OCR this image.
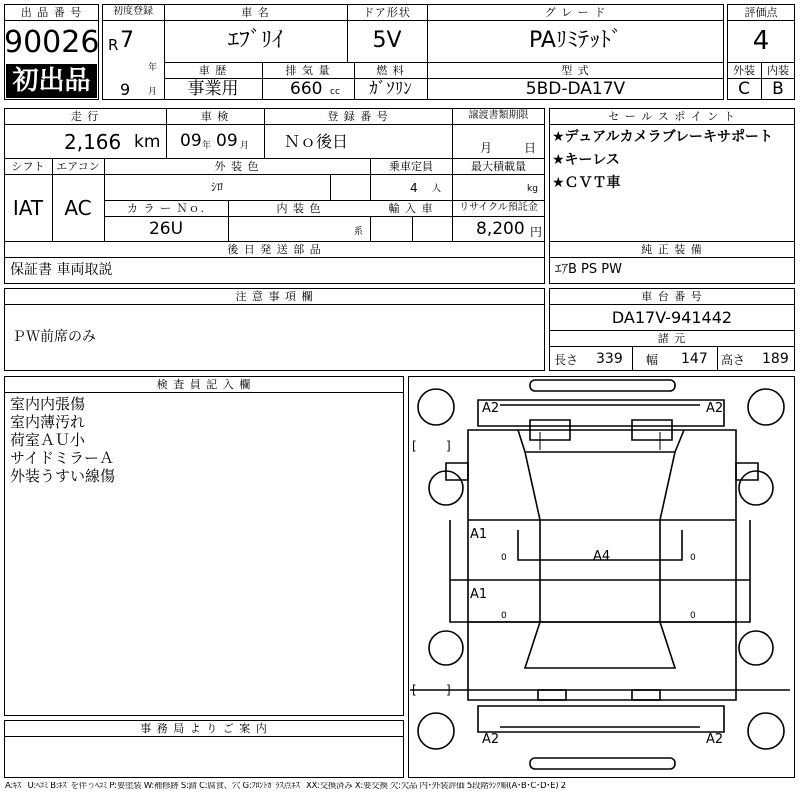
出 品 番 号
90026
初出品
初度登録
R 7
年
9 月
車 名
ｴﾌﾞﾘｲ
ドア形状
5V
グ レ ー ド
PAﾘﾐﾃｯﾄﾞ
車 歴
事業用
排 気 量
660 cc
燃 料
ｶﾞｿﾘﾝ
型 式
5BD-DA17V
評価点
4
外装	内装
C	B
走 行
2,166 km
車 検
09 年 09 月
登 録 番 号
Ｎｏ後日
譲渡書類期限
月	日
シフト
IAT
エアコン
AC
外 装 色
ｼﾛ
乗車定員
4 人
最大積載量
kg
カ ラ ー Ｎｏ.
26U
内 装 色
系
輸 入 車	リサイクル預託金
8,200 円
後 日 発 送 部 品
保証書 車両取説
セ ー ル ス ポ イ ン ト
★デュアルカメラブレーキサポート
★キーレス
★ＣＶＴ車
純 正 装 備
ｴｱB PS PW
注 意 事 項 欄
ＰＷ前席のみ
車 台 番 号
DA17V-941442
諸 元
長さ 339 幅 147 高さ 189
検 査 員 記 入 欄
室内内張傷
室内薄汚れ
荷室ＡＵ小
サイドミラーＡ
外装うすい線傷
事 務 局 よ り ご 案 内
A2	A2
A1
A1
A4
A2	A2
0
0
0
0
[ ]
[ ]
A:ｷｽﾞ U:ﾍｺﾐ B:ｷｽﾞを伴うﾍｺﾐ P:要塗装 W:補修跡 S:錆 C:腐食、穴 G:ﾌﾛﾝﾄｶﾞﾗｽ点ｷｽﾞ XX:交換済み X:要交換 欠:欠品 内･外装評価 5段階ﾗﾝｸ順(A･B･C･D･E) 2
